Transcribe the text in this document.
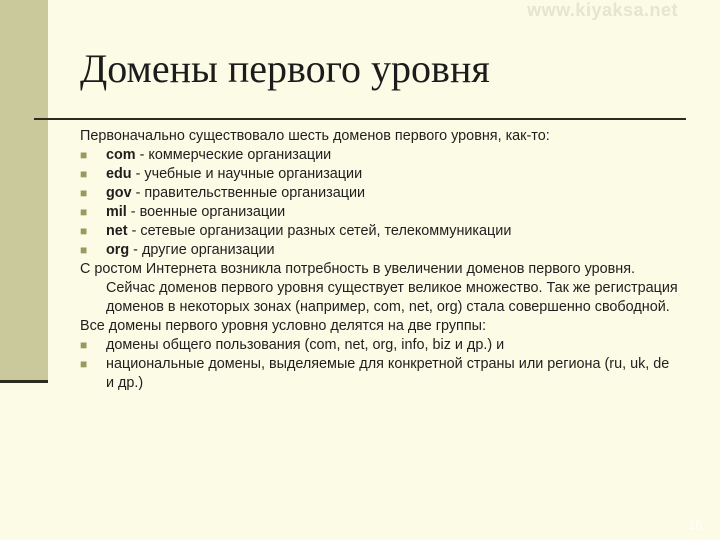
www.kiyaksa.net
Домены первого уровня

Первоначально существовало шесть доменов первого уровня, как-то:

■
com - коммерческие организации
■
edu - учебные и научные организации
■
gov - правительственные организации
■
mil - военные организации
■
net - сетевые организации разных сетей, телекоммуникации
■
org - другие организации

С ростом Интернета возникла потребность в увеличении доменов первого уровня. Сейчас доменов первого уровня существует великое множество. Так же регистрация доменов в некоторых зонах (например, com, net, org) стала совершенно свободной.

Все домены первого уровня условно делятся на две группы:

■
домены общего пользования (com, net, org, info, biz и др.) и
■
национальные домены, выделяемые для конкретной страны или региона (ru, uk, de и др.)
16
